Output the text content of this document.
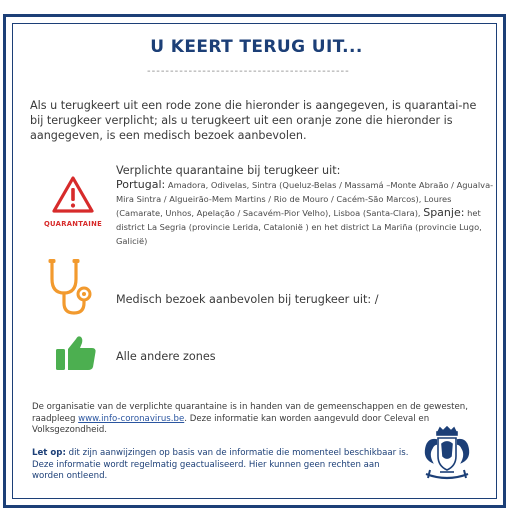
U KEERT TERUG UIT...
--------------------------------------------
Als u terugkeert uit een rode zone die hieronder is aangegeven, is quarantai-ne bij terugkeer verplicht; als u terugkeert uit een oranje zone die hieronder is aangegeven, is een medisch bezoek aanbevolen.
QUARANTAINE
Verplichte quarantaine bij terugkeer uit:
Portugal: Amadora, Odivelas, Sintra (Queluz-Belas / Massamá –Monte Abraão / Agualva-Mira Sintra / Algueirão-Mem Martins / Rio de Mouro / Cacém-São Marcos), Loures (Camarate, Unhos, Apelação / Sacavém-Pior Velho), Lisboa (Santa-Clara), Spanje: het district La Segria (provincie Lerida, Catalonië ) en het district La Mariña (provincie Lugo, Galicië)
Medisch bezoek aanbevolen bij terugkeer uit: /
Alle andere zones
De organisatie van de verplichte quarantaine is in handen van de gemeenschappen en de gewesten, raadpleeg www.info-coronavirus.be. Deze informatie kan worden aangevuld door Celeval en Volksgezondheid.
Let op: dit zijn aanwijzingen op basis van de informatie die momenteel beschikbaar is. Deze informatie wordt regelmatig geactualiseerd. Hier kunnen geen rechten aan worden ontleend.
